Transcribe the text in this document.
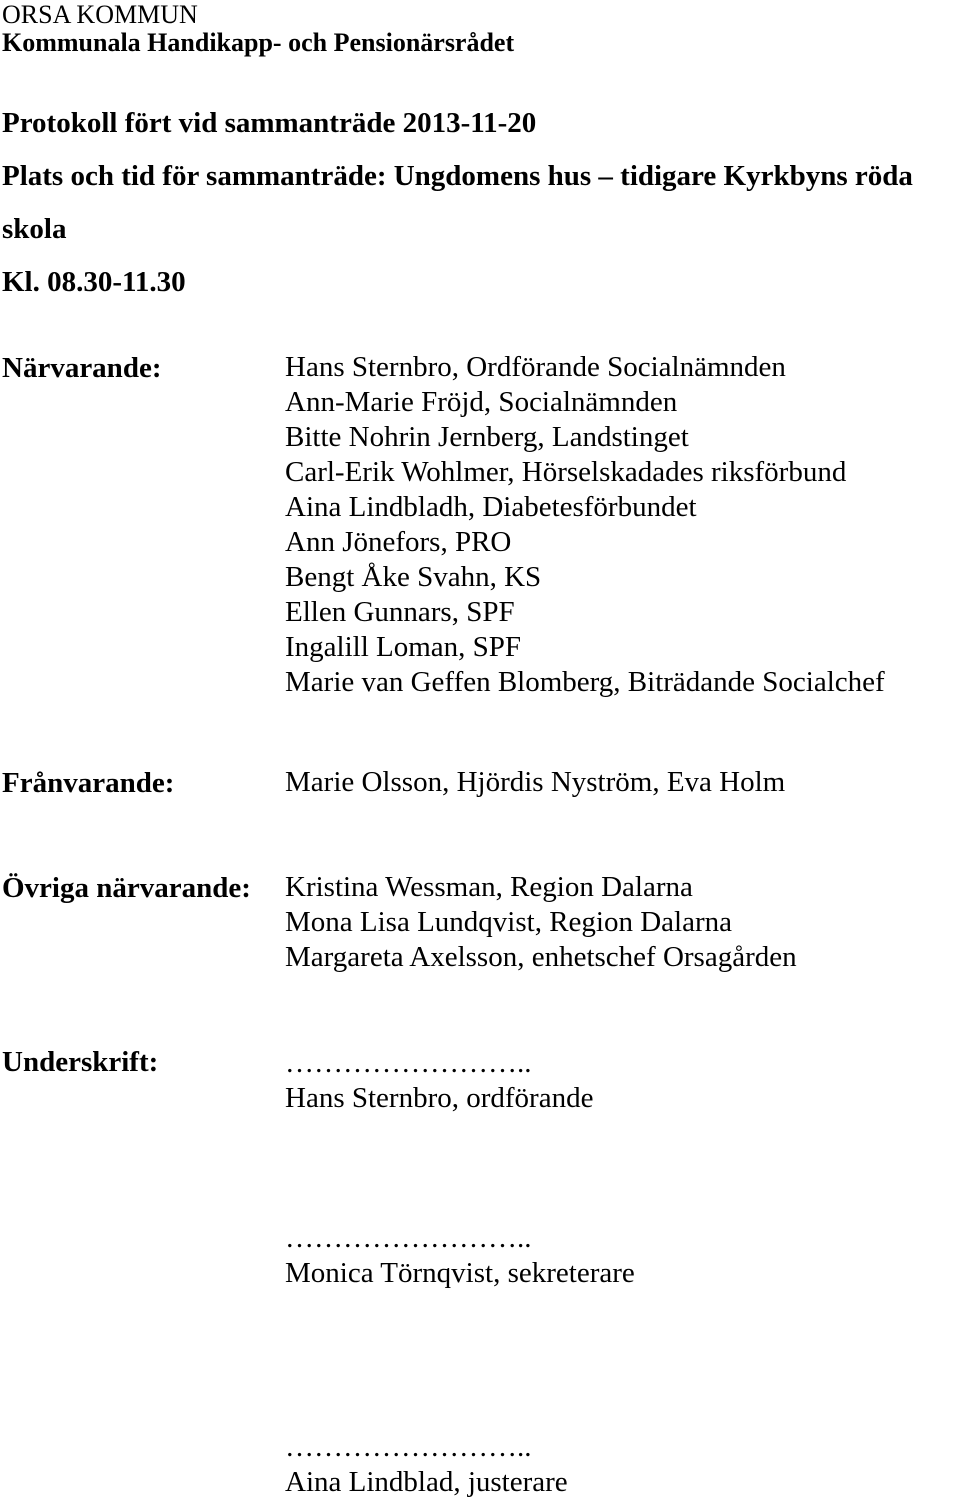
ORSA KOMMUN
Kommunala Handikapp- och Pensionärsrådet
Protokoll fört vid sammanträde 2013-11-20
Plats och tid för sammanträde: Ungdomens hus – tidigare Kyrkbyns röda
skola
Kl. 08.30-11.30
Närvarande:	Hans Sternbro, Ordförande Socialnämnden
Ann-Marie Fröjd, Socialnämnden
Bitte Nohrin Jernberg, Landstinget
Carl-Erik Wohlmer, Hörselskadades riksförbund
Aina Lindbladh, Diabetesförbundet
Ann Jönefors, PRO
Bengt Åke Svahn, KS
Ellen Gunnars, SPF
Ingalill Loman, SPF
Marie van Geffen Blomberg, Biträdande Socialchef
Frånvarande:	Marie Olsson, Hjördis Nyström, Eva Holm
Övriga närvarande: Kristina Wessman, Region Dalarna
Mona Lisa Lundqvist, Region Dalarna
Margareta Axelsson, enhetschef Orsagården
Underskrift:	……………………..
Hans Sternbro, ordförande
……………………..
Monica Törnqvist, sekreterare
……………………..
Aina Lindblad, justerare
